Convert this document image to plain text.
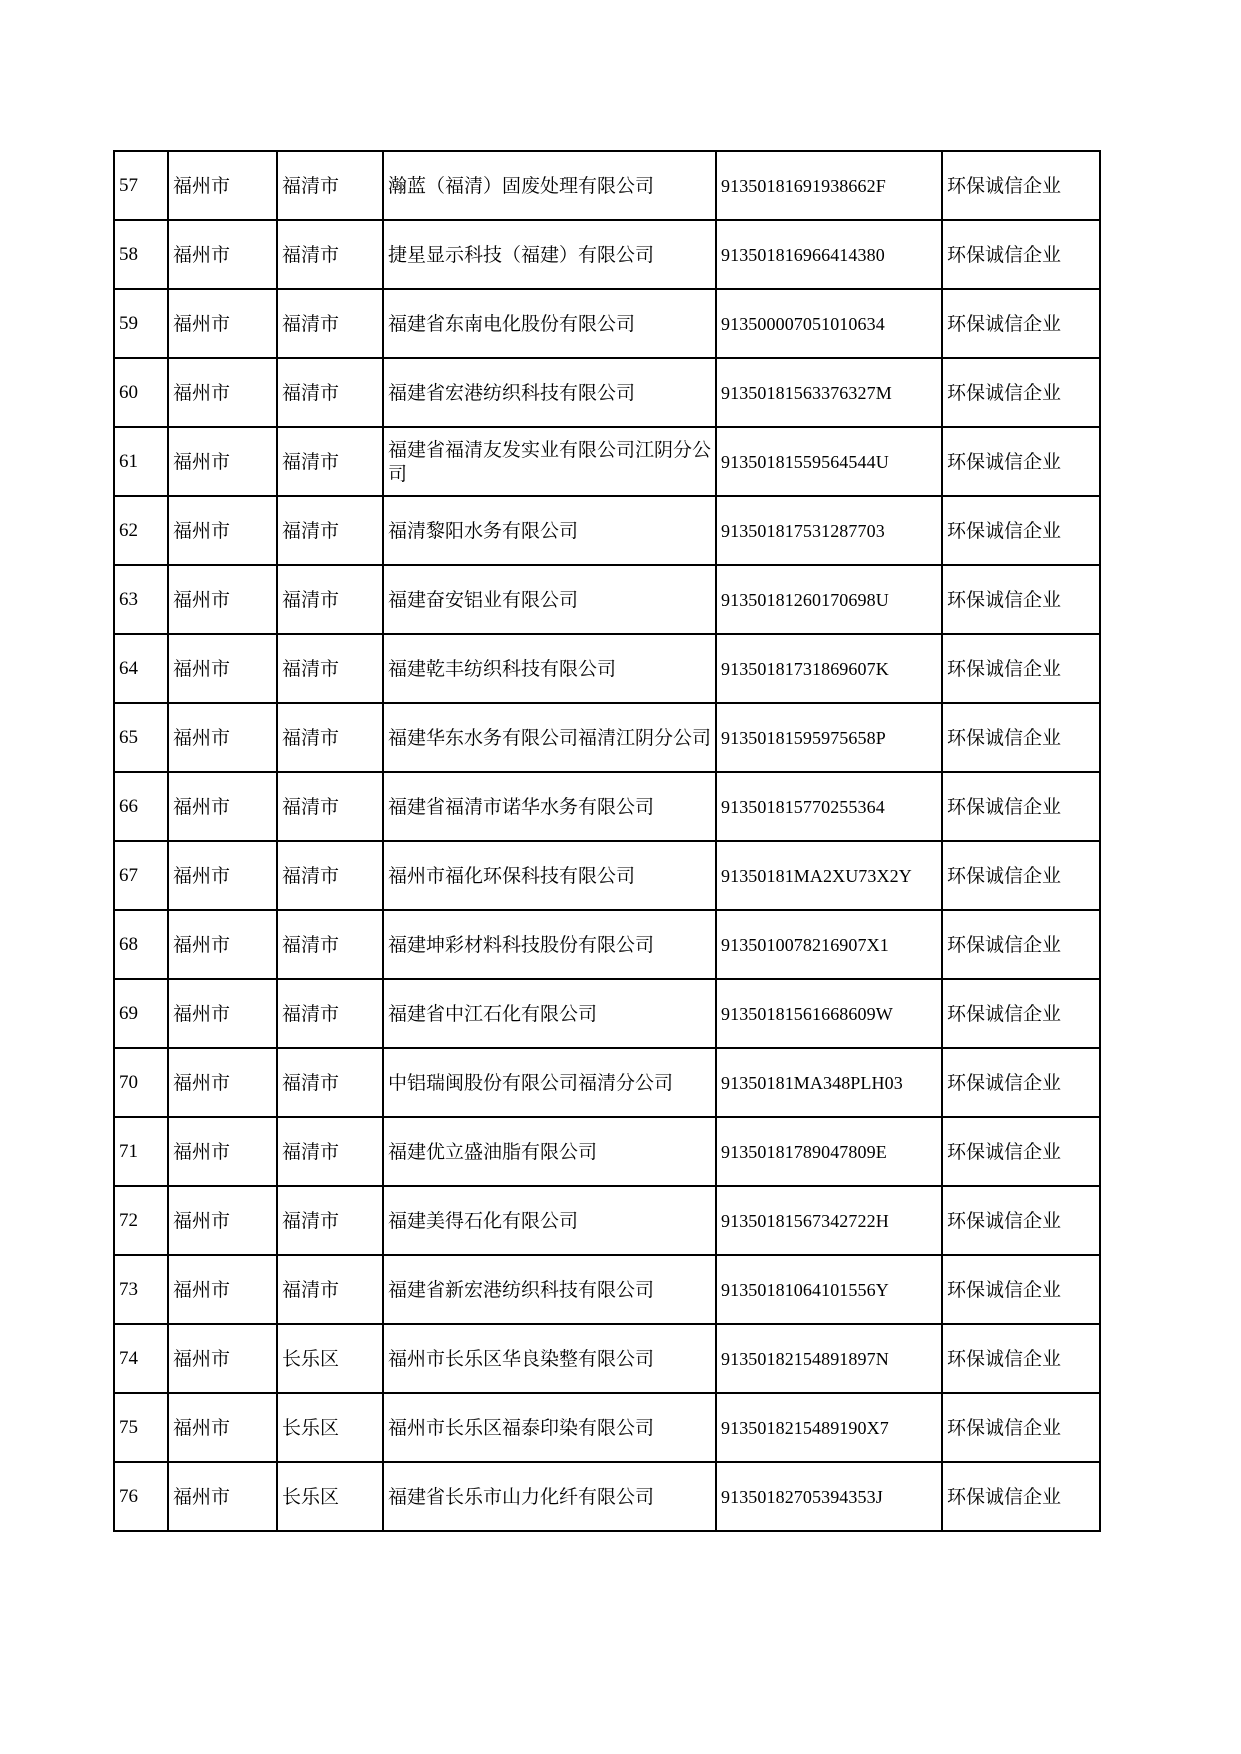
57	福州市	福清市	瀚蓝（福清）固废处理有限公司	91350181691938662F	环保诚信企业
58	福州市	福清市	捷星显示科技（福建）有限公司	913501816966414380	环保诚信企业
59	福州市	福清市	福建省东南电化股份有限公司	913500007051010634	环保诚信企业
60	福州市	福清市	福建省宏港纺织科技有限公司	91350181563376327M	环保诚信企业
61	福州市	福清市	福建省福清友发实业有限公司江阴分公司	91350181559564544U	环保诚信企业
62	福州市	福清市	福清黎阳水务有限公司	913501817531287703	环保诚信企业
63	福州市	福清市	福建奋安铝业有限公司	91350181260170698U	环保诚信企业
64	福州市	福清市	福建乾丰纺织科技有限公司	91350181731869607K	环保诚信企业
65	福州市	福清市	福建华东水务有限公司福清江阴分公司	91350181595975658P	环保诚信企业
66	福州市	福清市	福建省福清市诺华水务有限公司	913501815770255364	环保诚信企业
67	福州市	福清市	福州市福化环保科技有限公司	91350181MA2XU73X2Y	环保诚信企业
68	福州市	福清市	福建坤彩材料科技股份有限公司	9135010078216907X1	环保诚信企业
69	福州市	福清市	福建省中江石化有限公司	91350181561668609W	环保诚信企业
70	福州市	福清市	中铝瑞闽股份有限公司福清分公司	91350181MA348PLH03	环保诚信企业
71	福州市	福清市	福建优立盛油脂有限公司	91350181789047809E	环保诚信企业
72	福州市	福清市	福建美得石化有限公司	91350181567342722H	环保诚信企业
73	福州市	福清市	福建省新宏港纺织科技有限公司	91350181064101556Y	环保诚信企业
74	福州市	长乐区	福州市长乐区华良染整有限公司	91350182154891897N	环保诚信企业
75	福州市	长乐区	福州市长乐区福泰印染有限公司	9135018215489190X7	环保诚信企业
76	福州市	长乐区	福建省长乐市山力化纤有限公司	91350182705394353J	环保诚信企业
